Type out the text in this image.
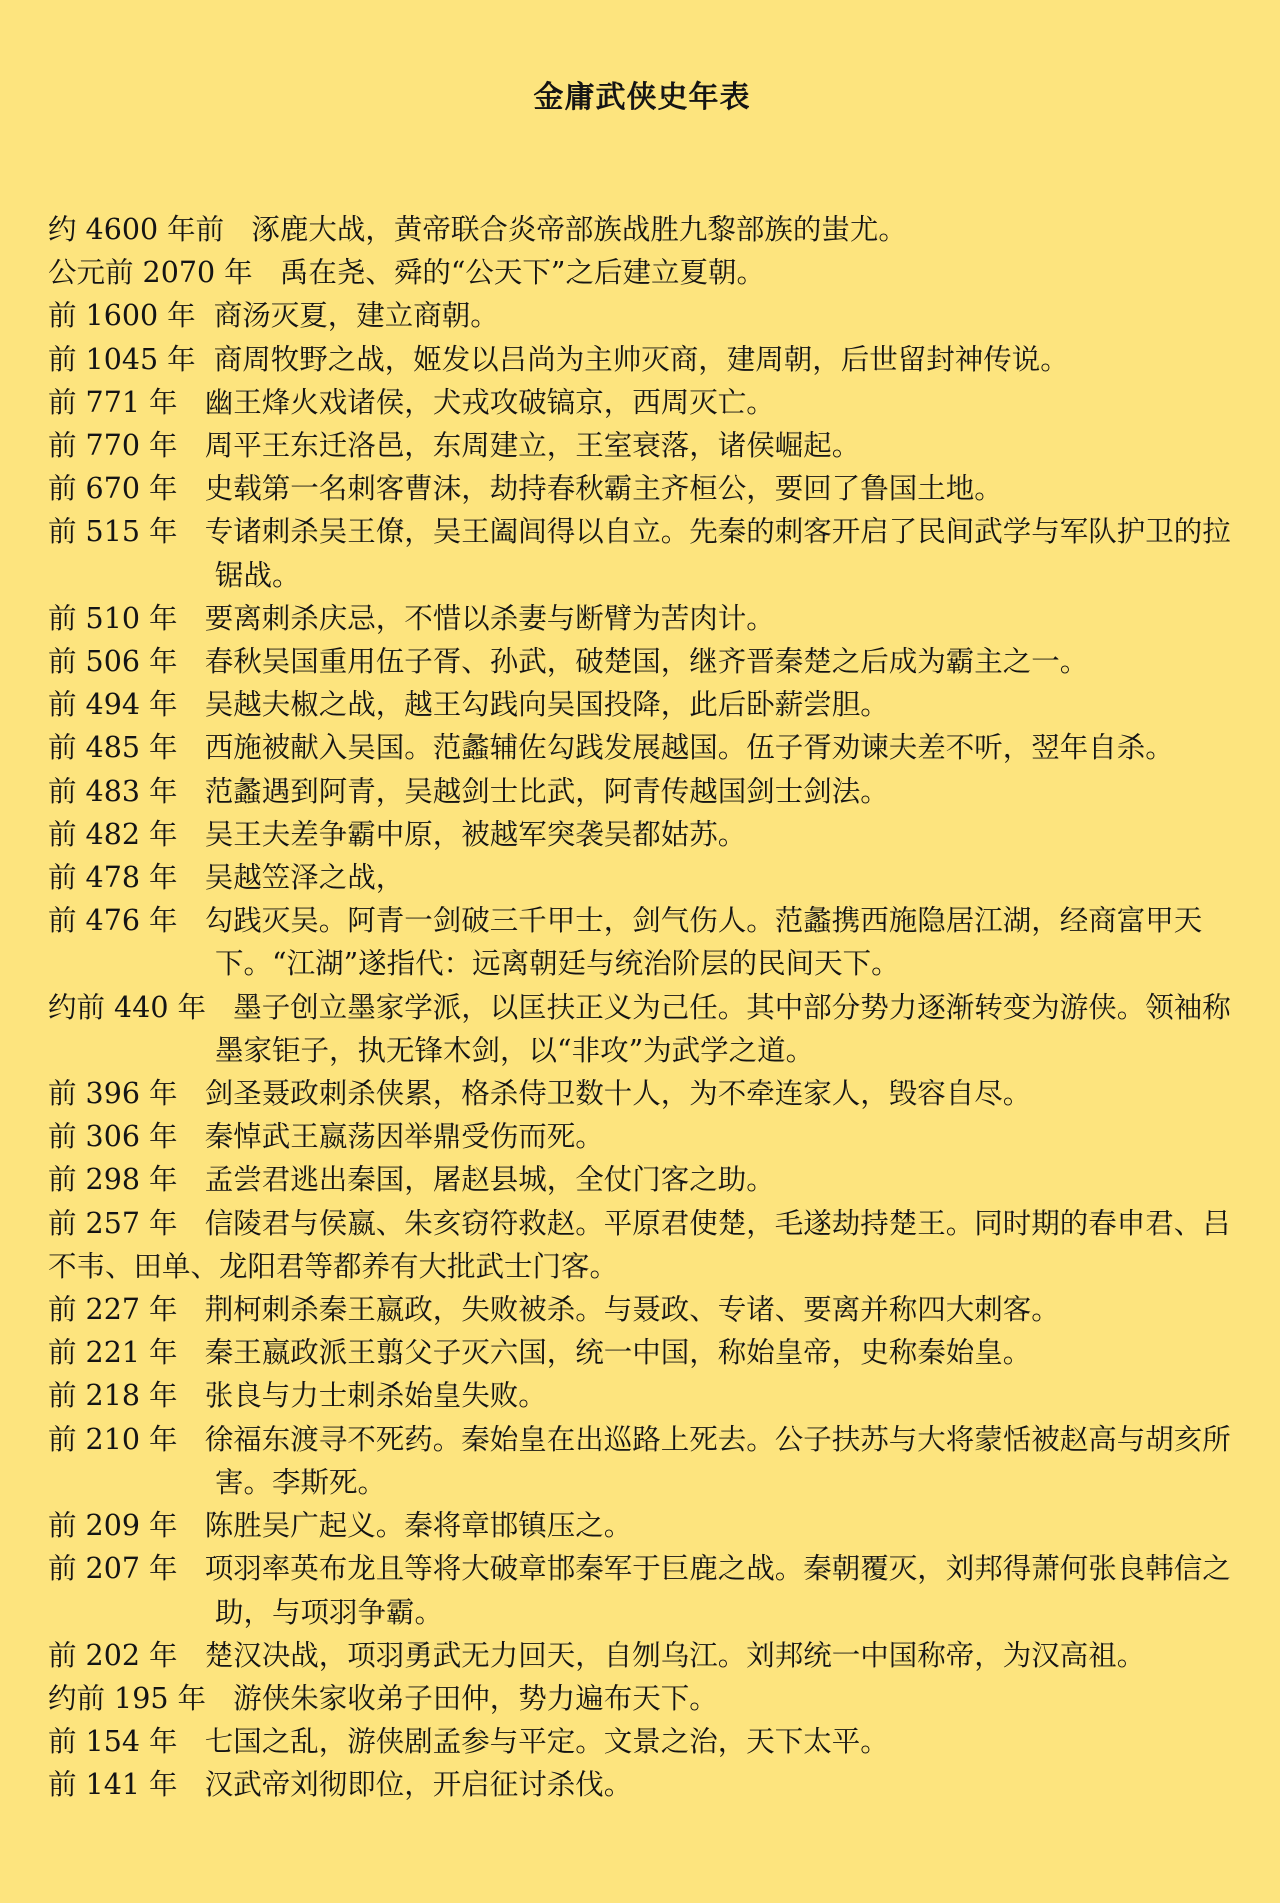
金庸武侠史年表
约 4600 年前 涿鹿大战，黄帝联合炎帝部族战胜九黎部族的蚩尤。
公元前 2070 年 禹在尧、舜的“公天下”之后建立夏朝。
前 1600 年 商汤灭夏，建立商朝。
前 1045 年 商周牧野之战，姬发以吕尚为主帅灭商，建周朝，后世留封神传说。
前 771 年 幽王烽火戏诸侯，犬戎攻破镐京，西周灭亡。
前 770 年 周平王东迁洛邑，东周建立，王室衰落，诸侯崛起。
前 670 年 史载第一名刺客曹沫，劫持春秋霸主齐桓公，要回了鲁国土地。
前 515 年 专诸刺杀吴王僚，吴王阖闾得以自立。先秦的刺客开启了民间武学与军队护卫的拉锯战。
前 510 年 要离刺杀庆忌，不惜以杀妻与断臂为苦肉计。
前 506 年 春秋吴国重用伍子胥、孙武，破楚国，继齐晋秦楚之后成为霸主之一。
前 494 年 吴越夫椒之战，越王勾践向吴国投降，此后卧薪尝胆。
前 485 年 西施被献入吴国。范蠡辅佐勾践发展越国。伍子胥劝谏夫差不听，翌年自杀。
前 483 年 范蠡遇到阿青，吴越剑士比武，阿青传越国剑士剑法。
前 482 年 吴王夫差争霸中原，被越军突袭吴都姑苏。
前 478 年 吴越笠泽之战，
前 476 年 勾践灭吴。阿青一剑破三千甲士，剑气伤人。范蠡携西施隐居江湖，经商富甲天下。“江湖”遂指代：远离朝廷与统治阶层的民间天下。
约前 440 年 墨子创立墨家学派，以匡扶正义为己任。其中部分势力逐渐转变为游侠。领袖称墨家钜子，执无锋木剑，以“非攻”为武学之道。
前 396 年 剑圣聂政刺杀侠累，格杀侍卫数十人，为不牵连家人，毁容自尽。
前 306 年 秦悼武王嬴荡因举鼎受伤而死。
前 298 年 孟尝君逃出秦国，屠赵县城，全仗门客之助。
前 257 年 信陵君与侯嬴、朱亥窃符救赵。平原君使楚，毛遂劫持楚王。同时期的春申君、吕不韦、田单、龙阳君等都养有大批武士门客。
前 227 年 荆柯刺杀秦王嬴政，失败被杀。与聂政、专诸、要离并称四大刺客。
前 221 年 秦王嬴政派王翦父子灭六国，统一中国，称始皇帝，史称秦始皇。
前 218 年 张良与力士刺杀始皇失败。
前 210 年 徐福东渡寻不死药。秦始皇在出巡路上死去。公子扶苏与大将蒙恬被赵高与胡亥所害。李斯死。
前 209 年 陈胜吴广起义。秦将章邯镇压之。
前 207 年 项羽率英布龙且等将大破章邯秦军于巨鹿之战。秦朝覆灭，刘邦得萧何张良韩信之助，与项羽争霸。
前 202 年 楚汉决战，项羽勇武无力回天，自刎乌江。刘邦统一中国称帝，为汉高祖。
约前 195 年 游侠朱家收弟子田仲，势力遍布天下。
前 154 年 七国之乱，游侠剧孟参与平定。文景之治，天下太平。
前 141 年 汉武帝刘彻即位，开启征讨杀伐。
